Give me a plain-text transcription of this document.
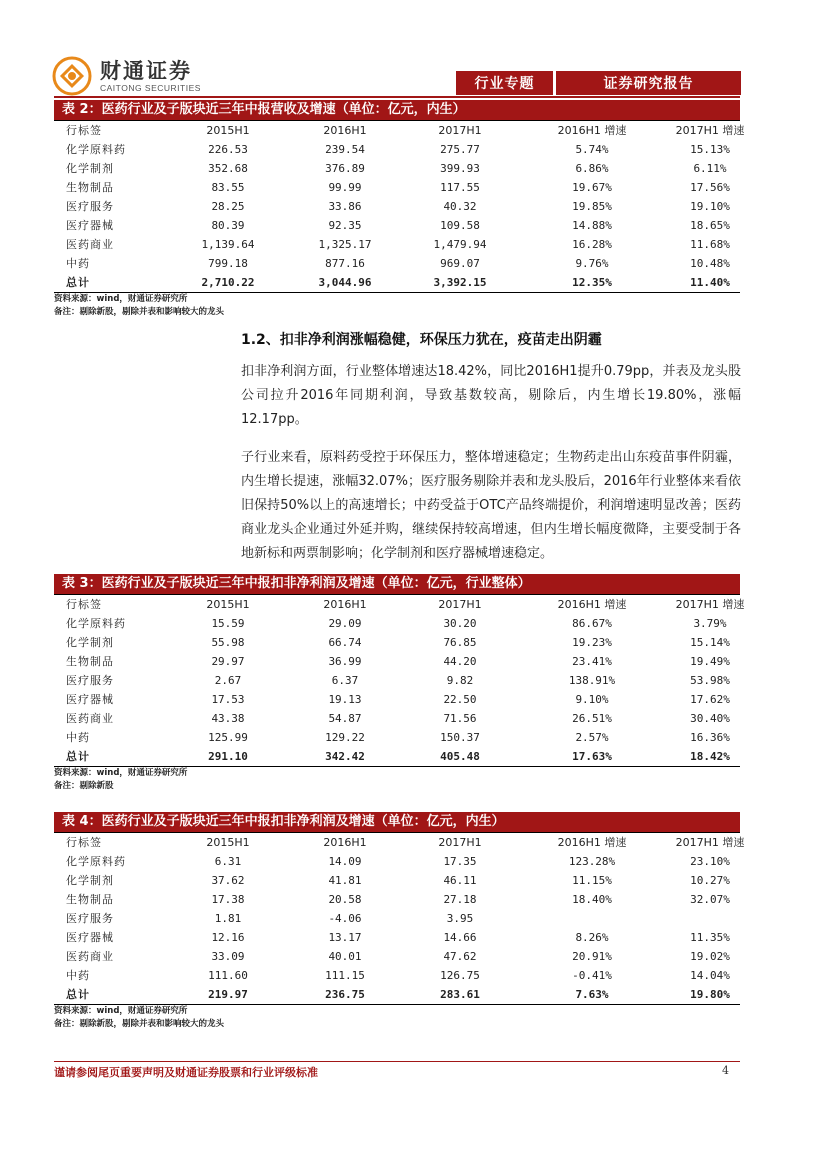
财通证券
CAITONG SECURITIES	行业专题	证券研究报告
表 2：医药行业及子版块近三年中报营收及增速（单位：亿元，内生）
行标签	2015H1	2016H1	2017H1	2016H1 增速	2017H1 增速
化学原料药	226.53	239.54	275.77	5.74%	15.13%
化学制剂	352.68	376.89	399.93	6.86%	6.11%
生物制品	83.55	99.99	117.55	19.67%	17.56%
医疗服务	28.25	33.86	40.32	19.85%	19.10%
医疗器械	80.39	92.35	109.58	14.88%	18.65%
医药商业	1,139.64	1,325.17	1,479.94	16.28%	11.68%
中药	799.18	877.16	969.07	9.76%	10.48%
总计	2,710.22	3,044.96	3,392.15	12.35%	11.40%
资料来源：wind，财通证券研究所
备注：剔除新股，剔除并表和影响较大的龙头
1.2、扣非净利润涨幅稳健，环保压力犹在，疫苗走出阴霾
扣非净利润方面，行业整体增速达18.42%，同比2016H1提升0.79pp，并表及龙头股公司拉升2016年同期利润，导致基数较高，剔除后，内生增长19.80%，涨幅12.17pp。
子行业来看，原料药受控于环保压力，整体增速稳定；生物药走出山东疫苗事件阴霾，内生增长提速，涨幅32.07%；医疗服务剔除并表和龙头股后，2016年行业整体来看依旧保持50%以上的高速增长；中药受益于OTC产品终端提价，利润增速明显改善；医药商业龙头企业通过外延并购，继续保持较高增速，但内生增长幅度微降，主要受制于各地新标和两票制影响；化学制剂和医疗器械增速稳定。
表 3：医药行业及子版块近三年中报扣非净利润及增速（单位：亿元，行业整体）
行标签	2015H1	2016H1	2017H1	2016H1 增速	2017H1 增速
化学原料药	15.59	29.09	30.20	86.67%	3.79%
化学制剂	55.98	66.74	76.85	19.23%	15.14%
生物制品	29.97	36.99	44.20	23.41%	19.49%
医疗服务	2.67	6.37	9.82	138.91%	53.98%
医疗器械	17.53	19.13	22.50	9.10%	17.62%
医药商业	43.38	54.87	71.56	26.51%	30.40%
中药	125.99	129.22	150.37	2.57%	16.36%
总计	291.10	342.42	405.48	17.63%	18.42%
资料来源：wind，财通证券研究所
备注：剔除新股
表 4：医药行业及子版块近三年中报扣非净利润及增速（单位：亿元，内生）
行标签	2015H1	2016H1	2017H1	2016H1 增速	2017H1 增速
化学原料药	6.31	14.09	17.35	123.28%	23.10%
化学制剂	37.62	41.81	46.11	11.15%	10.27%
生物制品	17.38	20.58	27.18	18.40%	32.07%
医疗服务	1.81	-4.06	3.95
医疗器械	12.16	13.17	14.66	8.26%	11.35%
医药商业	33.09	40.01	47.62	20.91%	19.02%
中药	111.60	111.15	126.75	-0.41%	14.04%
总计	219.97	236.75	283.61	7.63%	19.80%
资料来源：wind，财通证券研究所
备注：剔除新股，剔除并表和影响较大的龙头
谨请参阅尾页重要声明及财通证券股票和行业评级标准	4
